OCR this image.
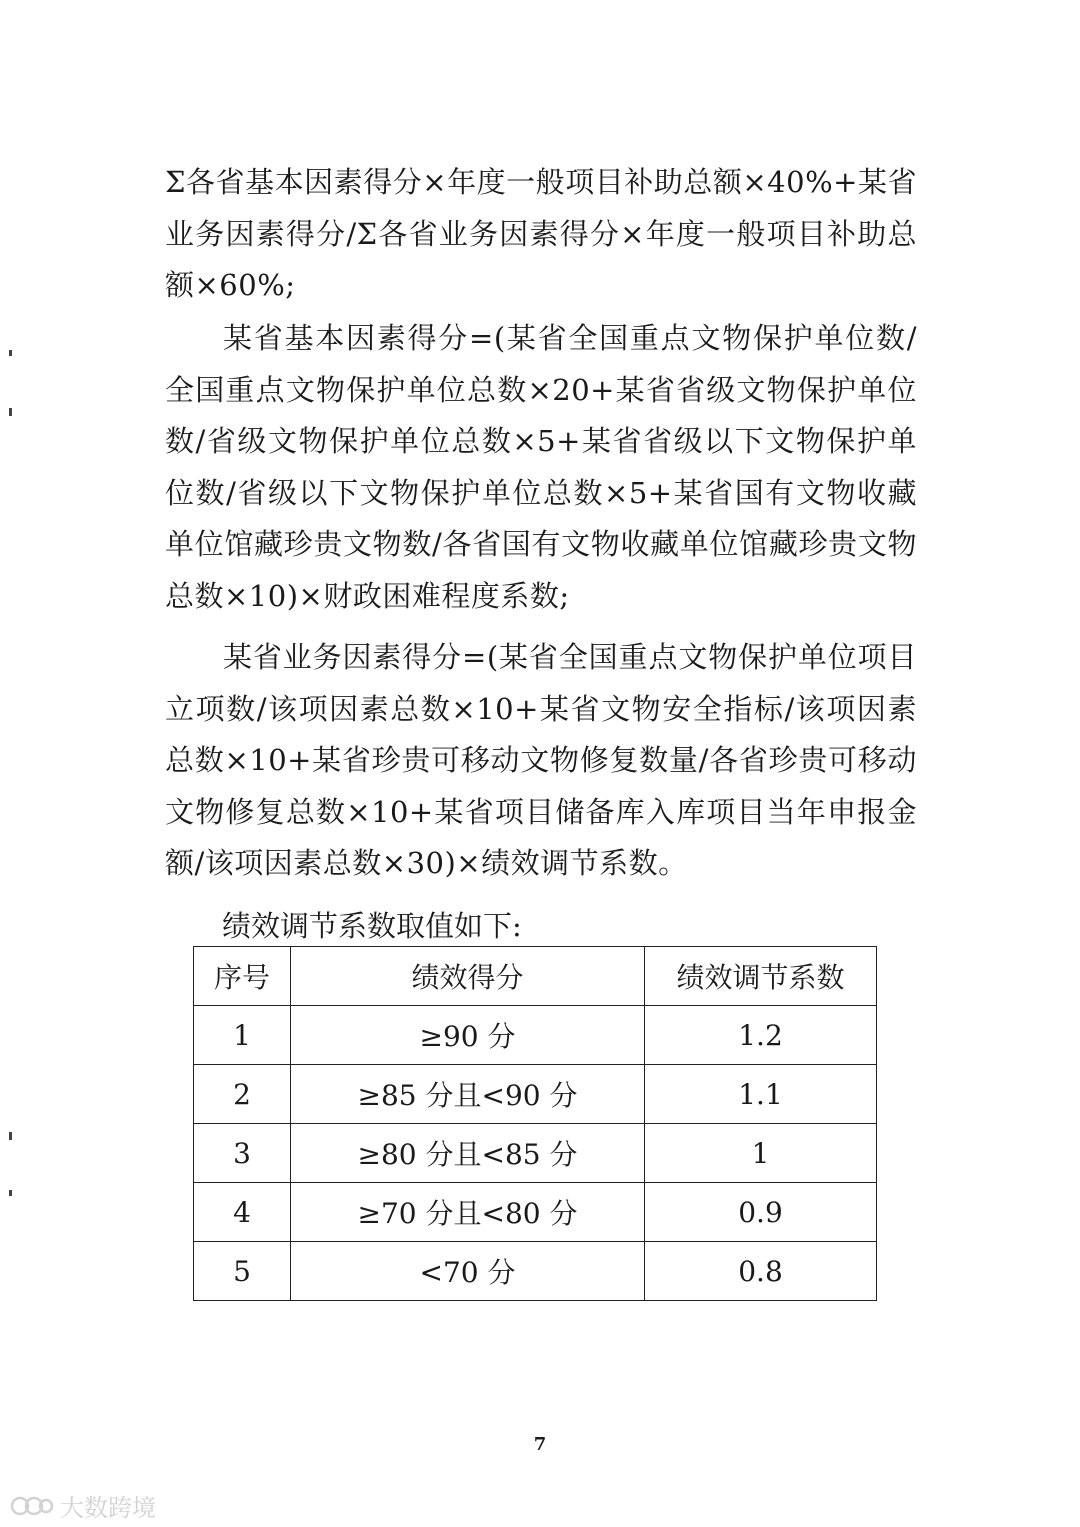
Σ各省基本因素得分×年度一般项目补助总额×40%+某省业务因素得分/Σ各省业务因素得分×年度一般项目补助总额×60%;
某省基本因素得分=(某省全国重点文物保护单位数/全国重点文物保护单位总数×20+某省省级文物保护单位数/省级文物保护单位总数×5+某省省级以下文物保护单位数/省级以下文物保护单位总数×5+某省国有文物收藏单位馆藏珍贵文物数/各省国有文物收藏单位馆藏珍贵文物总数×10)×财政困难程度系数;
某省业务因素得分=(某省全国重点文物保护单位项目立项数/该项因素总数×10+某省文物安全指标/该项因素总数×10+某省珍贵可移动文物修复数量/各省珍贵可移动文物修复总数×10+某省项目储备库入库项目当年申报金额/该项因素总数×30)×绩效调节系数。
绩效调节系数取值如下:
序号	绩效得分	绩效调节系数
1	≥90 分	1.2
2	≥85 分且<90 分	1.1
3	≥80 分且<85 分	1
4	≥70 分且<80 分	0.9
5	<70 分	0.8
7
大数跨境
